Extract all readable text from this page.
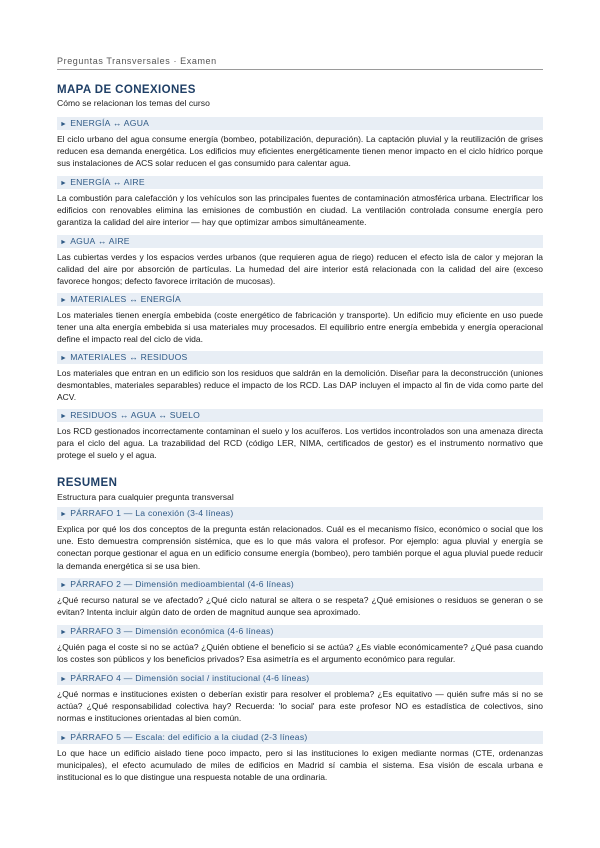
Preguntas Transversales · Examen
MAPA DE CONEXIONES
Cómo se relacionan los temas del curso
► ENERGÍA ↔ AGUA
El ciclo urbano del agua consume energía (bombeo, potabilización, depuración). La captación pluvial y la reutilización de grises reducen esa demanda energética. Los edificios muy eficientes energéticamente tienen menor impacto en el ciclo hídrico porque sus instalaciones de ACS solar reducen el gas consumido para calentar agua.
► ENERGÍA ↔ AIRE
La combustión para calefacción y los vehículos son las principales fuentes de contaminación atmosférica urbana. Electrificar los edificios con renovables elimina las emisiones de combustión en ciudad. La ventilación controlada consume energía pero garantiza la calidad del aire interior — hay que optimizar ambos simultáneamente.
► AGUA ↔ AIRE
Las cubiertas verdes y los espacios verdes urbanos (que requieren agua de riego) reducen el efecto isla de calor y mejoran la calidad del aire por absorción de partículas. La humedad del aire interior está relacionada con la calidad del aire (exceso favorece hongos; defecto favorece irritación de mucosas).
► MATERIALES ↔ ENERGÍA
Los materiales tienen energía embebida (coste energético de fabricación y transporte). Un edificio muy eficiente en uso puede tener una alta energía embebida si usa materiales muy procesados. El equilibrio entre energía embebida y energía operacional define el impacto real del ciclo de vida.
► MATERIALES ↔ RESIDUOS
Los materiales que entran en un edificio son los residuos que saldrán en la demolición. Diseñar para la deconstrucción (uniones desmontables, materiales separables) reduce el impacto de los RCD. Las DAP incluyen el impacto al fin de vida como parte del ACV.
► RESIDUOS ↔ AGUA ↔ SUELO
Los RCD gestionados incorrectamente contaminan el suelo y los acuíferos. Los vertidos incontrolados son una amenaza directa para el ciclo del agua. La trazabilidad del RCD (código LER, NIMA, certificados de gestor) es el instrumento normativo que protege el suelo y el agua.
RESUMEN
Estructura para cualquier pregunta transversal
► PÁRRAFO 1 — La conexión (3-4 líneas)
Explica por qué los dos conceptos de la pregunta están relacionados. Cuál es el mecanismo físico, económico o social que los une. Esto demuestra comprensión sistémica, que es lo que más valora el profesor. Por ejemplo: agua pluvial y energía se conectan porque gestionar el agua en un edificio consume energía (bombeo), pero también porque el agua pluvial puede reducir la demanda energética si se usa bien.
► PÁRRAFO 2 — Dimensión medioambiental (4-6 líneas)
¿Qué recurso natural se ve afectado? ¿Qué ciclo natural se altera o se respeta? ¿Qué emisiones o residuos se generan o se evitan? Intenta incluir algún dato de orden de magnitud aunque sea aproximado.
► PÁRRAFO 3 — Dimensión económica (4-6 líneas)
¿Quién paga el coste si no se actúa? ¿Quién obtiene el beneficio si se actúa? ¿Es viable económicamente? ¿Qué pasa cuando los costes son públicos y los beneficios privados? Esa asimetría es el argumento económico para regular.
► PÁRRAFO 4 — Dimensión social / institucional (4-6 líneas)
¿Qué normas e instituciones existen o deberían existir para resolver el problema? ¿Es equitativo — quién sufre más si no se actúa? ¿Qué responsabilidad colectiva hay? Recuerda: 'lo social' para este profesor NO es estadística de colectivos, sino normas e instituciones orientadas al bien común.
► PÁRRAFO 5 — Escala: del edificio a la ciudad (2-3 líneas)
Lo que hace un edificio aislado tiene poco impacto, pero si las instituciones lo exigen mediante normas (CTE, ordenanzas municipales), el efecto acumulado de miles de edificios en Madrid sí cambia el sistema. Esa visión de escala urbana e institucional es lo que distingue una respuesta notable de una ordinaria.
